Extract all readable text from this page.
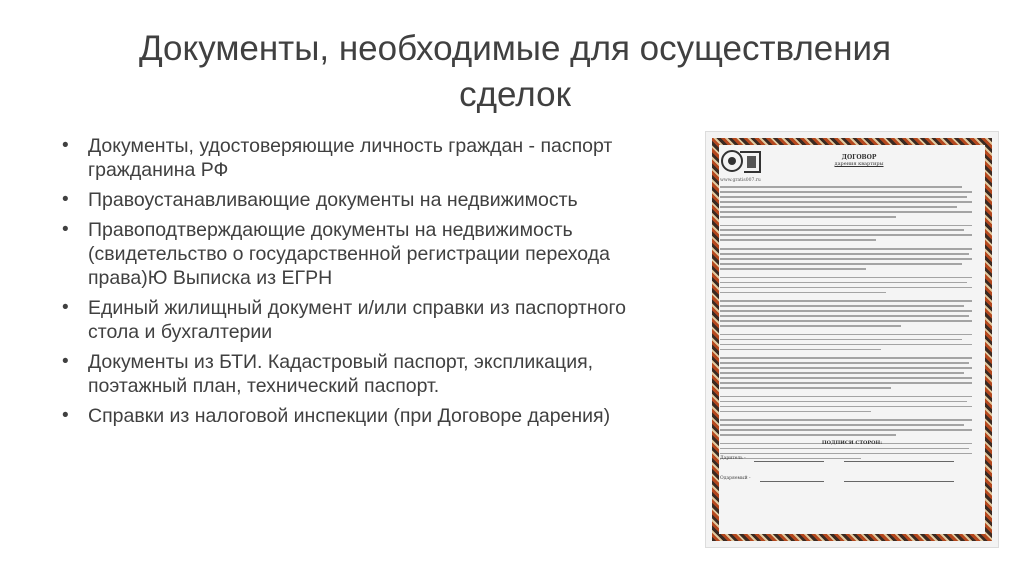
Документы, необходимые для осуществления
сделок
• Документы, удостоверяющие личность граждан - паспорт гражданина РФ
• Правоустанавливающие документы на недвижимость
• Правоподтверждающие документы на недвижимость (свидетельство о государственной регистрации перехода права)Ю Выписка из ЕГРН
• Единый жилищный документ и/или справки из паспортного стола и бухгалтерии
• Документы из БТИ. Кадастровый паспорт, экспликация, поэтажный план, технический паспорт.
• Справки из налоговой инспекции (при Договоре дарения)
www.gratis007.ru
ДОГОВОР
дарения квартиры
ПОДПИСИ СТОРОН:
Даритель -
Одаряемый -
